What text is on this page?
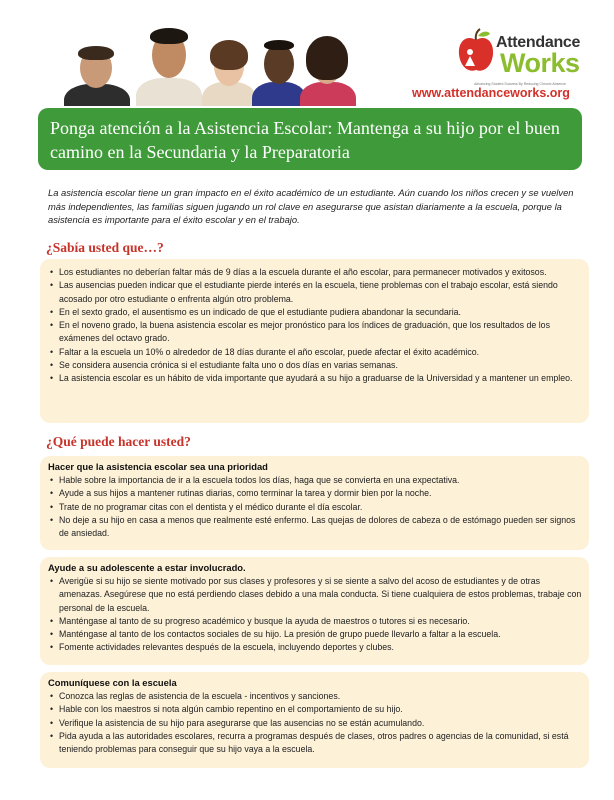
Attendance
Works
Advancing Student Success By Reducing Chronic Absence
www.attendanceworks.org
Ponga atención a la Asistencia Escolar: Mantenga a su hijo por el buen camino en la Secundaria y la Preparatoria
La asistencia escolar tiene un gran impacto en el éxito académico de un estudiante. Aún cuando los niños crecen y se vuelven más independientes, las familias siguen jugando un rol clave en asegurarse que asistan diariamente a la escuela, porque la asistencia es importante para el éxito escolar y en el trabajo.
¿Sabía usted que…?
• Los estudiantes no deberían faltar más de 9 días a la escuela durante el año escolar, para permanecer motivados y exitosos.
• Las ausencias pueden indicar que el estudiante pierde interés en la escuela, tiene problemas con el trabajo escolar, está siendo acosado por otro estudiante o enfrenta algún otro problema.
• En el sexto grado, el ausentismo es un indicado de que el estudiante pudiera abandonar la secundaria.
• En el noveno grado, la buena asistencia escolar es mejor pronóstico para los índices de graduación, que los resultados de los exámenes del octavo grado.
• Faltar a la escuela un 10% o alrededor de 18 días durante el año escolar, puede afectar el éxito académico.
• Se considera ausencia crónica si el estudiante falta uno o dos días en varias semanas.
• La asistencia escolar es un hábito de vida importante que ayudará a su hijo a graduarse de la Universidad y a mantener un empleo.
¿Qué puede hacer usted?
Hacer que la asistencia escolar sea una prioridad
• Hable sobre la importancia de ir a la escuela todos los días, haga que se convierta en una expectativa.
• Ayude a sus hijos a mantener rutinas diarias, como terminar la tarea y dormir bien por la noche.
• Trate de no programar citas con el dentista y el médico durante el día escolar.
• No deje a su hijo en casa a menos que realmente esté enfermo. Las quejas de dolores de cabeza o de estómago pueden ser signos de ansiedad.
Ayude a su adolescente a estar involucrado.
• Averigüe si su hijo se siente motivado por sus clases y profesores y si se siente a salvo del acoso de estudiantes y de otras amenazas. Asegúrese que no está perdiendo clases debido a una mala conducta. Si tiene cualquiera de estos problemas, trabaje con personal de la escuela.
• Manténgase al tanto de su progreso académico y busque la ayuda de maestros o tutores si es necesario.
• Manténgase al tanto de los contactos sociales de su hijo. La presión de grupo puede llevarlo a faltar a la escuela.
• Fomente actividades relevantes después de la escuela, incluyendo deportes y clubes.
Comuníquese con la escuela
• Conozca las reglas de asistencia de la escuela - incentivos y sanciones.
• Hable con los maestros si nota algún cambio repentino en el comportamiento de su hijo.
• Verifique la asistencia de su hijo para asegurarse que las ausencias no se están acumulando.
• Pida ayuda a las autoridades escolares, recurra a programas después de clases, otros padres o agencias de la comunidad, si está teniendo problemas para conseguir que su hijo vaya a la escuela.
